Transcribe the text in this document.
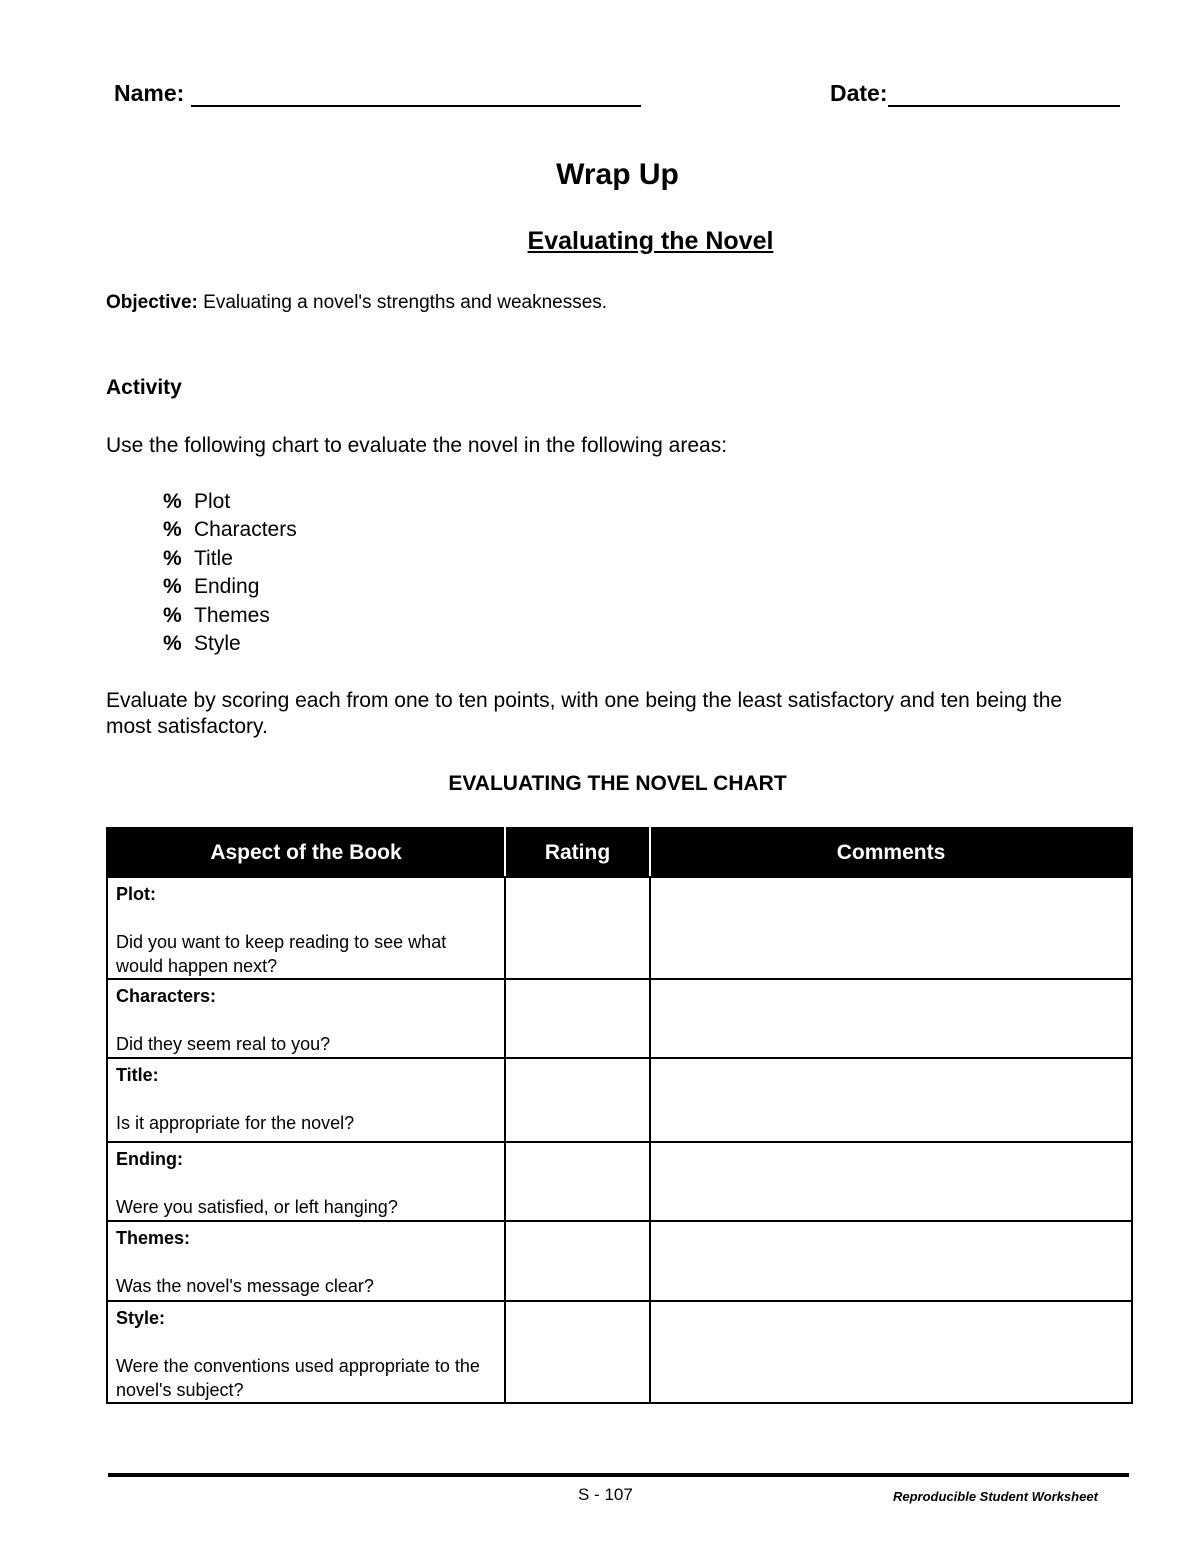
Name:	Date:
Wrap Up
Evaluating the Novel
Objective: Evaluating a novel's strengths and weaknesses.
Activity
Use the following chart to evaluate the novel in the following areas:
% Plot
% Characters
% Title
% Ending
% Themes
% Style
Evaluate by scoring each from one to ten points, with one being the least satisfactory and ten being the most satisfactory.
EVALUATING THE NOVEL CHART
Aspect of the Book	Rating	Comments

Plot:
Did you want to keep reading to see what would happen next?		

Characters:
Did they seem real to you?		

Title:
Is it appropriate for the novel?		

Ending:
Were you satisfied, or left hanging?		

Themes:
Was the novel's message clear?		

Style:
Were the conventions used appropriate to the novel's subject?		

S - 107	Reproducible Student Worksheet
